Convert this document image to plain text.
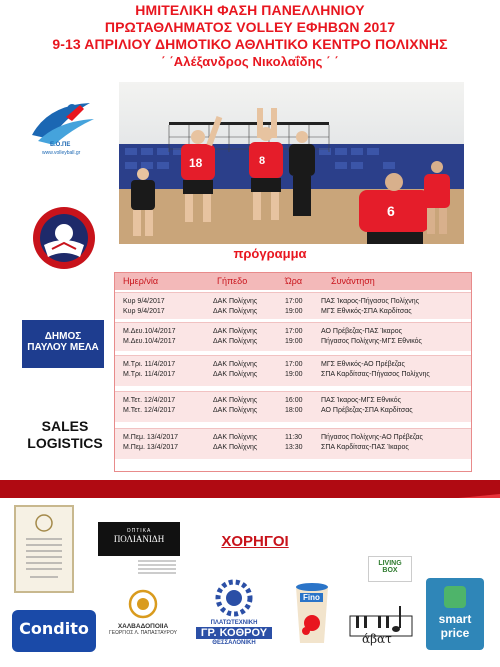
ΗΜΙΤΕΛΙΚΗ ΦΑΣΗ ΠΑΝΕΛΛΗΝΙΟΥ
ΠΡΩΤΑΘΛΗΜΑΤΟΣ VOLLEY ΕΦΗΒΩΝ 2017
9-13 ΑΠΡΙΛΙΟΥ ΔΗΜΟΤΙΚΟ ΑΘΛΗΤΙΚΟ ΚΕΝΤΡΟ ΠΟΛΙΧΝΗΣ
΄ ΄Αλέξανδρος Νικολαΐδης ΄ ΄
Ε.Ο.ΠΕ
www.volleyball.gr
ΔΗΜΟΣ
ΠΑΥΛΟΥ ΜΕΛΑ
SALES
LOGISTICS
18	8
6
πρόγραμμα
Ημερ/νία	Γήπεδο	Ώρα	Συνάντηση
Κυρ 9/4/2017	ΔΑΚ Πολίχνης	17:00	ΠΑΣ Ίκαρος-Πήγασος Πολίχνης
Κυρ 9/4/2017	ΔΑΚ Πολίχνης	19:00	ΜΓΣ Εθνικός-ΣΠΑ Καρδίτσας
Μ.Δευ.10/4/2017	ΔΑΚ Πολίχνης	17:00	ΑΟ Πρέβεζας-ΠΑΣ Ίκαρος
Μ.Δευ.10/4/2017	ΔΑΚ Πολίχνης	19:00	Πήγασος Πολίχνης-ΜΓΣ Εθνικός
Μ.Τρι. 11/4/2017	ΔΑΚ Πολίχνης	17:00	ΜΓΣ Εθνικός-ΑΟ Πρέβεζας
Μ.Τρι. 11/4/2017	ΔΑΚ Πολίχνης	19:00	ΣΠΑ Καρδίτσας-Πήγασος Πολίχνης
Μ.Τετ. 12/4/2017	ΔΑΚ Πολίχνης	16:00	ΠΑΣ Ίκαρος-ΜΓΣ Εθνικός
Μ.Τετ. 12/4/2017	ΔΑΚ Πολίχνης	18:00	ΑΟ Πρέβεζας-ΣΠΑ Καρδίτσας
Μ.Πεμ. 13/4/2017	ΔΑΚ Πολίχνης	11:30	Πήγασος Πολίχνης-ΑΟ Πρέβεζας
Μ.Πεμ. 13/4/2017	ΔΑΚ Πολίχνης	13:30	ΣΠΑ Καρδίτσας-ΠΑΣ Ίκαρος
ΧΟΡΗΓΟΙ
ΟΠΤΙΚΑ
ΠΟΛΙΑΝΙΔΗ
LIVING
BOX
Condito	ΧΑΛΒΑΔΟΠΟΙΙΑ
ΓΕΩΡΓΙΟΣ Λ. ΠΑΠΑΣΤΑΥΡΟΥ
ΠΛΑΤΩΤΕΧΝΙΚΗ
ΓΡ. ΚΟΘΡΟΥ
ΘΕΣΣΑΛΟΝΙΚΗ
Fino
άβατ
smart
price
